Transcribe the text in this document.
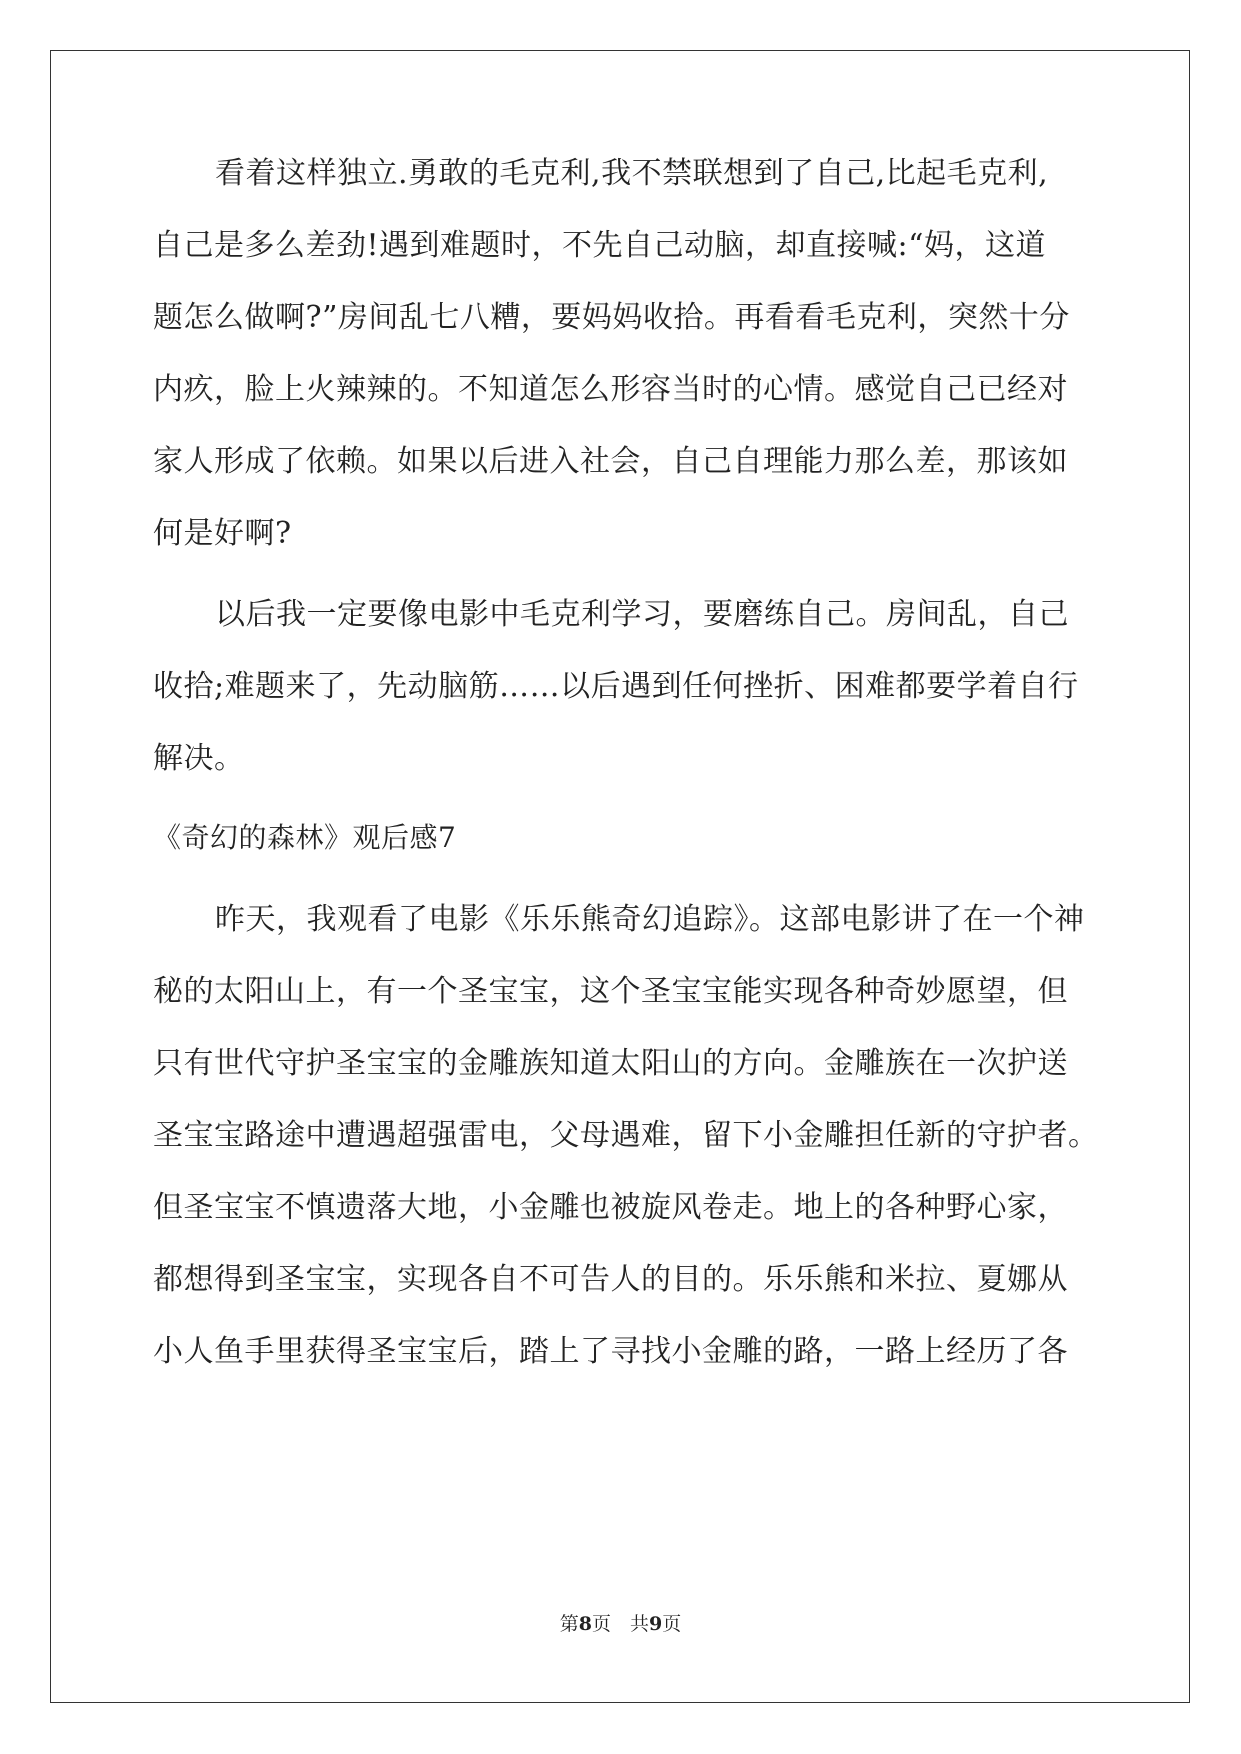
看着这样独立.勇敢的毛克利,我不禁联想到了自己,比起毛克利,
自己是多么差劲!遇到难题时，不先自己动脑，却直接喊:“妈，这道
题怎么做啊?”房间乱七八糟，要妈妈收拾。再看看毛克利，突然十分
内疚，脸上火辣辣的。不知道怎么形容当时的心情。感觉自己已经对
家人形成了依赖。如果以后进入社会，自己自理能力那么差，那该如
何是好啊?
以后我一定要像电影中毛克利学习，要磨练自己。房间乱，自己
收拾;难题来了，先动脑筋……以后遇到任何挫折、困难都要学着自行
解决。
《奇幻的森林》观后感7
昨天，我观看了电影《乐乐熊奇幻追踪》。这部电影讲了在一个神
秘的太阳山上，有一个圣宝宝，这个圣宝宝能实现各种奇妙愿望，但
只有世代守护圣宝宝的金雕族知道太阳山的方向。金雕族在一次护送
圣宝宝路途中遭遇超强雷电，父母遇难，留下小金雕担任新的守护者。
但圣宝宝不慎遗落大地，小金雕也被旋风卷走。地上的各种野心家，
都想得到圣宝宝，实现各自不可告人的目的。乐乐熊和米拉、夏娜从
小人鱼手里获得圣宝宝后，踏上了寻找小金雕的路，一路上经历了各
第8页　共9页
